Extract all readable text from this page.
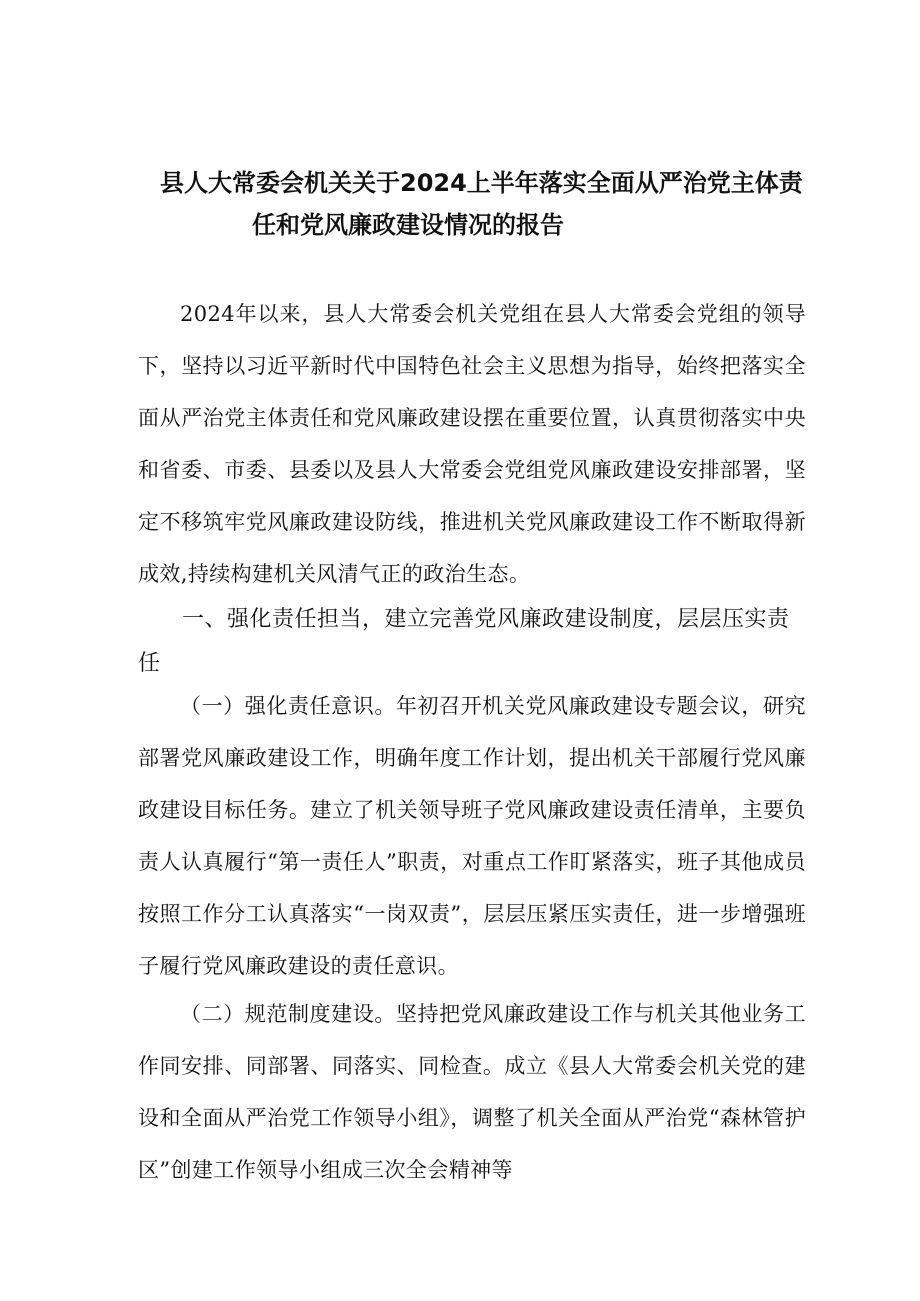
县人大常委会机关关于2024上半年落实全面从严治党主体责
任和党风廉政建设情况的报告

2024年以来，县人大常委会机关党组在县人大常委会党组的领导下，坚持以习近平新时代中国特色社会主义思想为指导，始终把落实全面从严治党主体责任和党风廉政建设摆在重要位置，认真贯彻落实中央和省委、市委、县委以及县人大常委会党组党风廉政建设安排部署，坚定不移筑牢党风廉政建设防线，推进机关党风廉政建设工作不断取得新成效,持续构建机关风清气正的政治生态。

一、强化责任担当，建立完善党风廉政建设制度，层层压实责任

（一）强化责任意识。年初召开机关党风廉政建设专题会议，研究部署党风廉政建设工作，明确年度工作计划，提出机关干部履行党风廉政建设目标任务。建立了机关领导班子党风廉政建设责任清单，主要负责人认真履行“第一责任人”职责，对重点工作盯紧落实，班子其他成员按照工作分工认真落实“一岗双责”，层层压紧压实责任，进一步增强班子履行党风廉政建设的责任意识。

（二）规范制度建设。坚持把党风廉政建设工作与机关其他业务工作同安排、同部署、同落实、同检查。成立《县人大常委会机关党的建设和全面从严治党工作领导小组》，调整了机关全面从严治党“森林管护区”创建工作领导小组成三次全会精神等
